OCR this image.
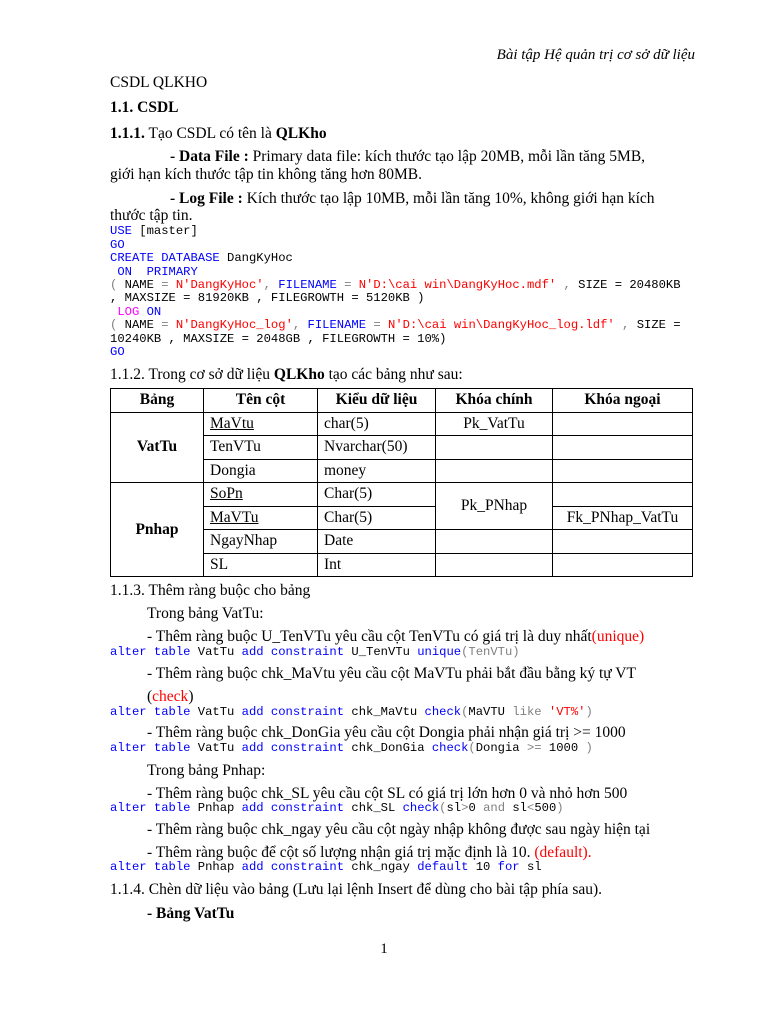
Bài tập Hệ quản trị cơ sở dữ liệu
CSDL QLKHO
1.1. CSDL
1.1.1. Tạo CSDL có tên là QLKho
- Data File : Primary data file: kích thước tạo lập 20MB, mỗi lần tăng 5MB,
giới hạn kích thước tập tin không tăng hơn 80MB.
- Log File : Kích thước tạo lập 10MB, mỗi lần tăng 10%, không giới hạn kích
thước tập tin.
USE [master]
GO
CREATE DATABASE DangKyHoc
ON  PRIMARY
( NAME = N'DangKyHoc', FILENAME = N'D:\cai win\DangKyHoc.mdf' , SIZE = 20480KB
, MAXSIZE = 81920KB , FILEGROWTH = 5120KB )
LOG ON
( NAME = N'DangKyHoc_log', FILENAME = N'D:\cai win\DangKyHoc_log.ldf' , SIZE =
10240KB , MAXSIZE = 2048GB , FILEGROWTH = 10%)
GO
1.1.2. Trong cơ sở dữ liệu QLKho tạo các bảng như sau:
Bảng	Tên cột	Kiểu dữ liệu	Khóa chính	Khóa ngoại
VatTu	MaVtu	char(5)	Pk_VatTu	
	TenVTu	Nvarchar(50)		
	Dongia	money		
Pnhap	SoPn	Char(5)	Pk_PNhap	
	MaVTu	Char(5)		Fk_PNhap_VatTu
	NgayNhap	Date		
	SL	Int		
1.1.3. Thêm ràng buộc cho bảng
Trong bảng VatTu:
- Thêm ràng buộc U_TenVTu yêu cầu cột TenVTu có giá trị là duy nhất(unique)
alter table VatTu add constraint U_TenVTu unique(TenVTu)
- Thêm ràng buộc chk_MaVtu yêu cầu cột MaVTu phải bắt đầu bằng ký tự VT
(check)
alter table VatTu add constraint chk_MaVtu check(MaVTU like 'VT%')
- Thêm ràng buộc chk_DonGia yêu cầu cột Dongia phải nhận giá trị >= 1000
alter table VatTu add constraint chk_DonGia check(Dongia >= 1000 )
Trong bảng Pnhap:
- Thêm ràng buộc chk_SL yêu cầu cột SL có giá trị lớn hơn 0 và nhỏ hơn 500
alter table Pnhap add constraint chk_SL check(sl>0 and sl<500)
- Thêm ràng buộc chk_ngay yêu cầu cột ngày nhập không được sau ngày hiện tại
- Thêm ràng buộc để cột số lượng nhận giá trị mặc định là 10. (default).
alter table Pnhap add constraint chk_ngay default 10 for sl
1.1.4. Chèn dữ liệu vào bảng (Lưu lại lệnh Insert để dùng cho bài tập phía sau).
- Bảng VatTu
1
